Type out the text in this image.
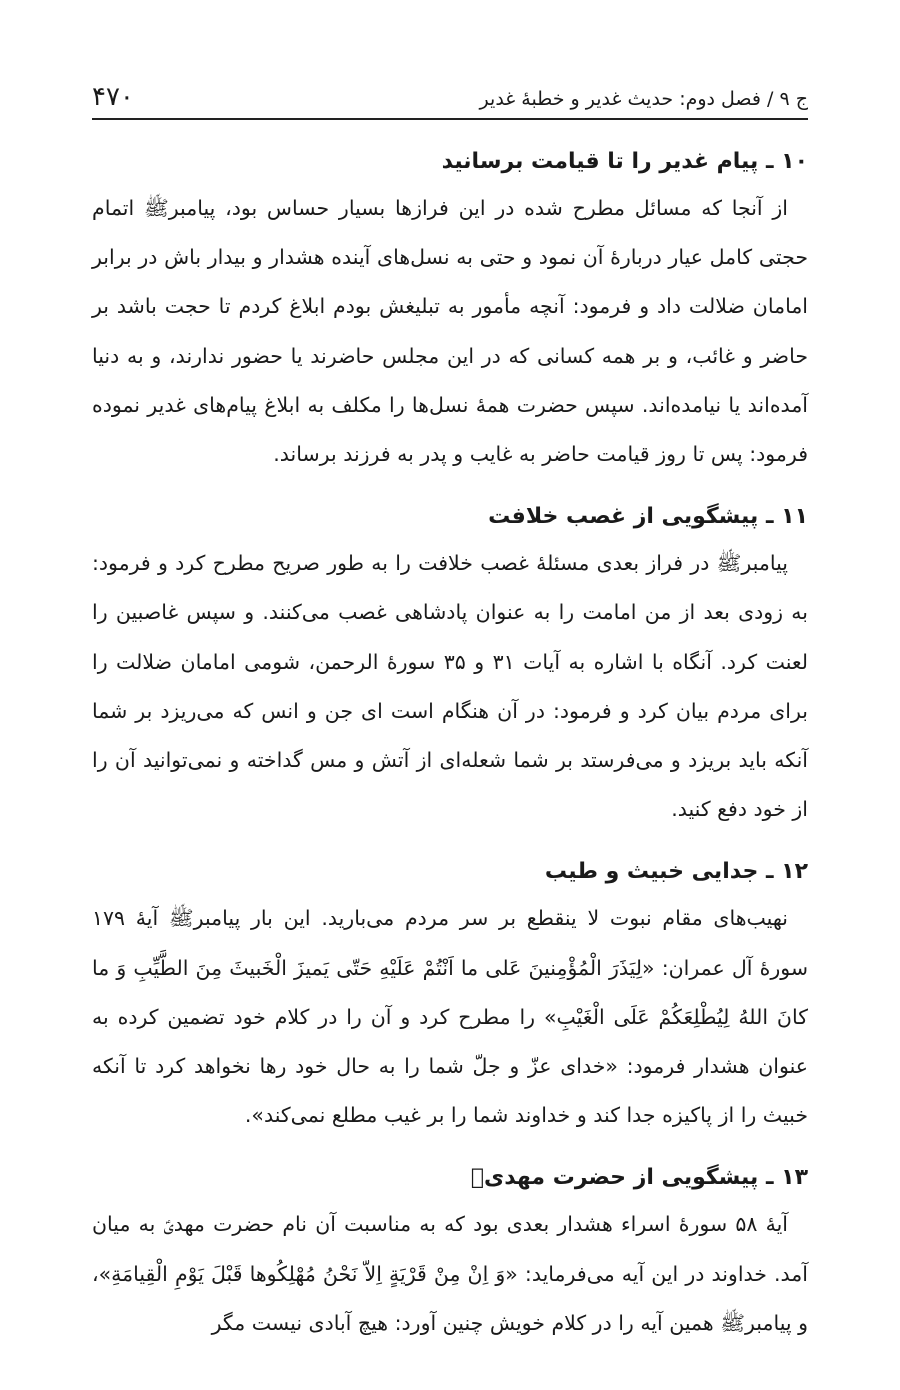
۴۷۰	ج ۹ / فصل دوم: حدیث غدیر و خطبهٔ غدیر
۱۰ ـ پیام غدیر را تا قیامت برسانید

از آنجا که مسائل مطرح شده در این فرازها بسیار حساس بود، پیامبرﷺ اتمام حجتی کامل عیار دربارهٔ آن نمود و حتی به نسل‌های آینده هشدار و بیدار باش در برابر امامان ضلالت داد و فرمود: آنچه مأمور به تبلیغش بودم ابلاغ کردم تا حجت باشد بر حاضر و غائب، و بر همه کسانی که در این مجلس حاضرند یا حضور ندارند، و به دنیا آمده‌اند یا نیامده‌اند. سپس حضرت همهٔ نسل‌ها را مکلف به ابلاغ پیام‌های غدیر نموده فرمود: پس تا روز قیامت حاضر به غایب و پدر به فرزند برساند.

۱۱ ـ پیشگویی از غصب خلافت

پیامبرﷺ در فراز بعدی مسئلهٔ غصب خلافت را به طور صریح مطرح کرد و فرمود: به زودی بعد از من امامت را به عنوان پادشاهی غصب می‌کنند. و سپس غاصبین را لعنت کرد. آنگاه با اشاره به آیات ۳۱ و ۳۵ سورهٔ الرحمن، شومی امامان ضلالت را برای مردم بیان کرد و فرمود: در آن هنگام است ای جن و انس که می‌ریزد بر شما آنکه باید بریزد و می‌فرستد بر شما شعله‌ای از آتش و مس گداخته و نمی‌توانید آن را از خود دفع کنید.

۱۲ ـ جدایی خبیث و طیب

نهیب‌های مقام نبوت لا ینقطع بر سر مردم می‌بارید. این بار پیامبرﷺ آیهٔ ۱۷۹ سورهٔ آل عمران: «لِيَذَرَ الْمُؤْمِنينَ عَلى ما اَنْتُمْ عَلَيْهِ حَتّى يَميزَ الْخَبيثَ مِنَ الطَّيِّبِ وَ ما كانَ اللهُ لِيُطْلِعَكُمْ عَلَى الْغَيْبِ» را مطرح کرد و آن را در کلام خود تضمین کرده به عنوان هشدار فرمود: «خدای عزّ و جلّ شما را به حال خود رها نخواهد کرد تا آنکه خبیث را از پاکیزه جدا کند و خداوند شما را بر غیب مطلع نمی‌کند».

۱۳ ـ پیشگویی از حضرت مهدیؑ

آیهٔ ۵۸ سورهٔ اسراء هشدار بعدی بود که به مناسبت آن نام حضرت مهدیؑ به میان آمد. خداوند در این آیه می‌فرماید: «وَ اِنْ مِنْ قَرْيَةٍ اِلاّ نَحْنُ مُهْلِكُوها قَبْلَ يَوْمِ الْقِيامَةِ»، و پیامبرﷺ همین آیه را در کلام خویش چنین آورد: هیچ آبادی نیست مگر
